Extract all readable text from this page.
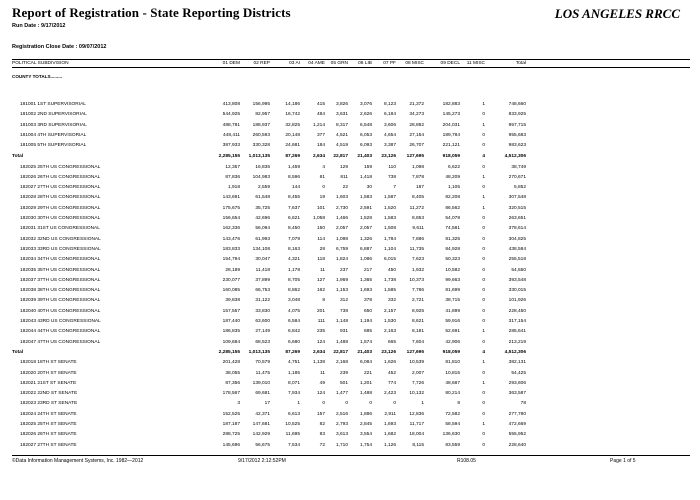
Report of Registration - State Reporting Districts	LOS ANGELES RRCC
Run Date : 9/17/2012
Registration Close Date : 09/07/2012
POLITICAL SUBDIVISION	01 DEM	02 REP	03 AI 04 AME 05 GRN 06 LIB 07 PF 08 MISC	09 DECL 11 MISC	Total
COUNTY TOTALS.........
181001 1ST SUPERVISORIAL	413,808	156,995	14,186	415 3,826 3,076 8,123	21,372	182,883	1	748,660
181002 2ND SUPERVISORIAL	544,925	82,957	16,742	484 3,631 2,626 6,184	34,273	145,273	0	833,925
181003 3RD SUPERVISORIAL	488,781	188,937	32,825	1,214 8,317 6,548 3,606	28,892	204,031	1	957,715
181004 4TH SUPERVISORIAL	448,411	260,593	20,148	377 4,521 6,053 4,654	27,154	189,784	0	955,683
181005 5TH SUPERVISORIAL	387,933	330,328	24,681	184 4,519 6,093 3,387	26,707	221,121	0	983,623
Total	2,285,155 1,013,135	87,269	2,634 22,817 21,403 23,126 127,695	918,059	4	4,512,306
182025 25TH US CONGRESSIONAL	12,357	16,835	1,459	4	129	159	110	1,098	6,622	0	38,749
182026 26TH US CONGRESSIONAL	87,836	104,983	8,596	81	811 1,418	738	7,878	48,209	1	270,671
182027 27TH US CONGRESSIONAL	1,918	2,559	144	0	22	30	7	187	1,105	0	5,852
182028 28TH US CONGRESSIONAL	143,691	61,548	8,455	19 1,603 1,583 1,587	8,405	82,208	1	307,548
182029 29TH US CONGRESSIONAL	175,675	35,725	7,637	101 2,730 2,591 1,520	11,272	86,562	1	320,515
182030 30TH US CONGRESSIONAL	156,654	42,696	6,621	1,058 1,466 1,528 1,583	8,853	54,078	0	263,651
182031 31ST US CONGRESSIONAL	162,336	56,094	8,450	150 2,057 2,057 1,508	9,611	74,581	0	378,614
182032 32ND US CONGRESSIONAL	143,476	61,993	7,079	114 1,098 1,326 1,784	7,886	81,325	0	304,825
182033 33RD US CONGRESSIONAL	183,833	134,108	8,163	28 6,759 6,887 1,104	11,735	84,928	0	438,584
182034 34TH US CONGRESSIONAL	154,794	30,047	4,321	118 1,824 1,086 6,015	7,623	50,323	0	255,518
182035 35TH US CONGRESSIONAL	28,189	11,418	1,178	11	237	217	450	1,932	10,582	0	54,550
182037 37TH US CONGRESSIONAL	230,077	37,899	8,705	127 1,969 1,365 1,738	10,373	99,663	0	393,548
182038 38TH US CONGRESSIONAL	160,085	66,753	8,862	162 1,153 1,693 1,585	7,786	81,699	0	330,015
182039 39TH US CONGRESSIONAL	39,838	31,122	3,048	8	312	378	332	2,721	38,715	0	101,926
182040 40TH US CONGRESSIONAL	157,557	33,830	4,075	201	738	650 2,157	8,925	41,899	0	228,450
182043 43RD US CONGRESSIONAL	187,440	63,600	6,584	111 1,148 1,194 1,530	8,621	59,916	0	317,154
182044 44TH US CONGRESSIONAL	186,835	27,149	6,842	235	931	685 2,163	8,181	52,691	1	285,641
182047 47TH US CONGRESSIONAL	109,684	68,523	6,680	124 1,488 1,574	665	7,604	42,906	0	213,219
Total	2,285,155 1,013,135	87,269	2,634 22,817 21,403 23,126 127,695	918,059	4	4,512,306
182018 18TH ST SENATE	201,428	70,579	4,751	1,138 2,168 6,084 1,626	10,539	81,810	1	382,131
182020 20TH ST SENATE	38,055	11,475	1,185	11	239	221	452	2,007	10,815	0	54,425
182021 21ST ST SENATE	87,356	139,010	8,071	49	501 1,201	774	7,726	48,687	1	293,606
182022 22ND ST SENATE	178,567	69,681	7,934	124 1,477 1,488 2,423	10,132	80,214	0	363,587
182023 23RD ST SENATE	3	17	1	0	0	0	0	1	8	0	78
182024 24TH ST SENATE	152,525	42,371	6,613	157 2,516 1,886	2,911	12,836	72,582	0	277,780
182025 25TH ST SENATE	187,187	147,681	10,525	82 2,793 2,845 1,693	11,717	58,594	1	472,669
182026 26TH ST SENATE	288,725	142,929	11,695	83 3,613 3,554 1,682	18,004	136,630	0	555,952
182027 27TH ST SENATE	145,696	56,675	7,534	72 1,710 1,754 1,126	8,115	83,559	0	228,640
©Data Information Management Systems, Inc. 1982—2012	9/17/2012 2:12:52PM	R108.05	Page 1 of 5
